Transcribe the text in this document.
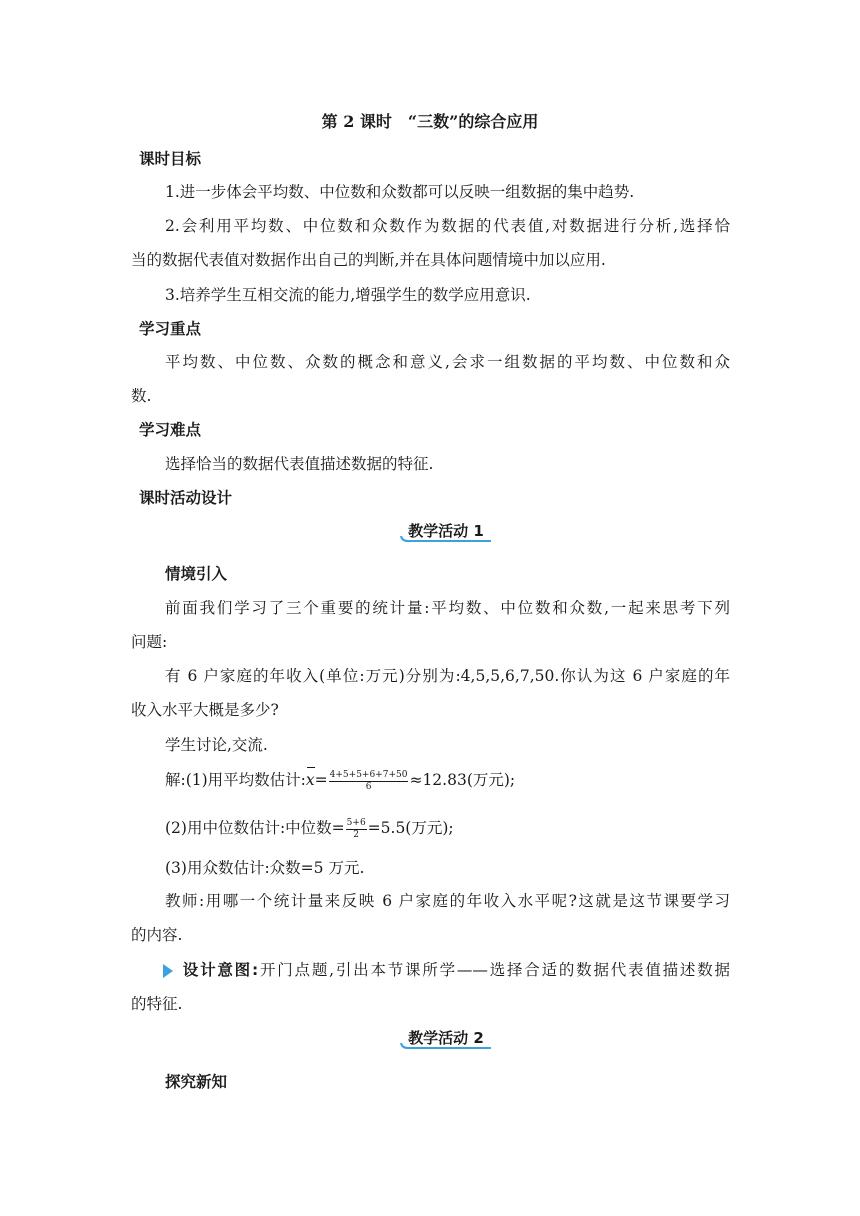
第 2 课时　“三数”的综合应用
课时目标
1.进一步体会平均数、中位数和众数都可以反映一组数据的集中趋势.
2.会利用平均数、中位数和众数作为数据的代表值,对数据进行分析,选择恰
当的数据代表值对数据作出自己的判断,并在具体问题情境中加以应用.
3.培养学生互相交流的能力,增强学生的数学应用意识.
学习重点
平均数、中位数、众数的概念和意义,会求一组数据的平均数、中位数和众
数.
学习难点
选择恰当的数据代表值描述数据的特征.
课时活动设计
教学活动 1
情境引入
前面我们学习了三个重要的统计量:平均数、中位数和众数,一起来思考下列
问题:
有 6 户家庭的年收入(单位:万元)分别为:4,5,5,6,7,50.你认为这 6 户家庭的年
收入水平大概是多少?
学生讨论,交流.
解:(1)用平均数估计:x= $\frac{4+5+5+6+7+50}{6} \approx 12.83$(万元);
(2)用中位数估计:中位数= $\frac{5+6}{2} =5.5$(万元);
(3)用众数估计:众数=5 万元.
教师:用哪一个统计量来反映 6 户家庭的年收入水平呢?这就是这节课要学习
的内容.
设计意图:开门点题,引出本节课所学——选择合适的数据代表值描述数据
的特征.
教学活动 2
探究新知
